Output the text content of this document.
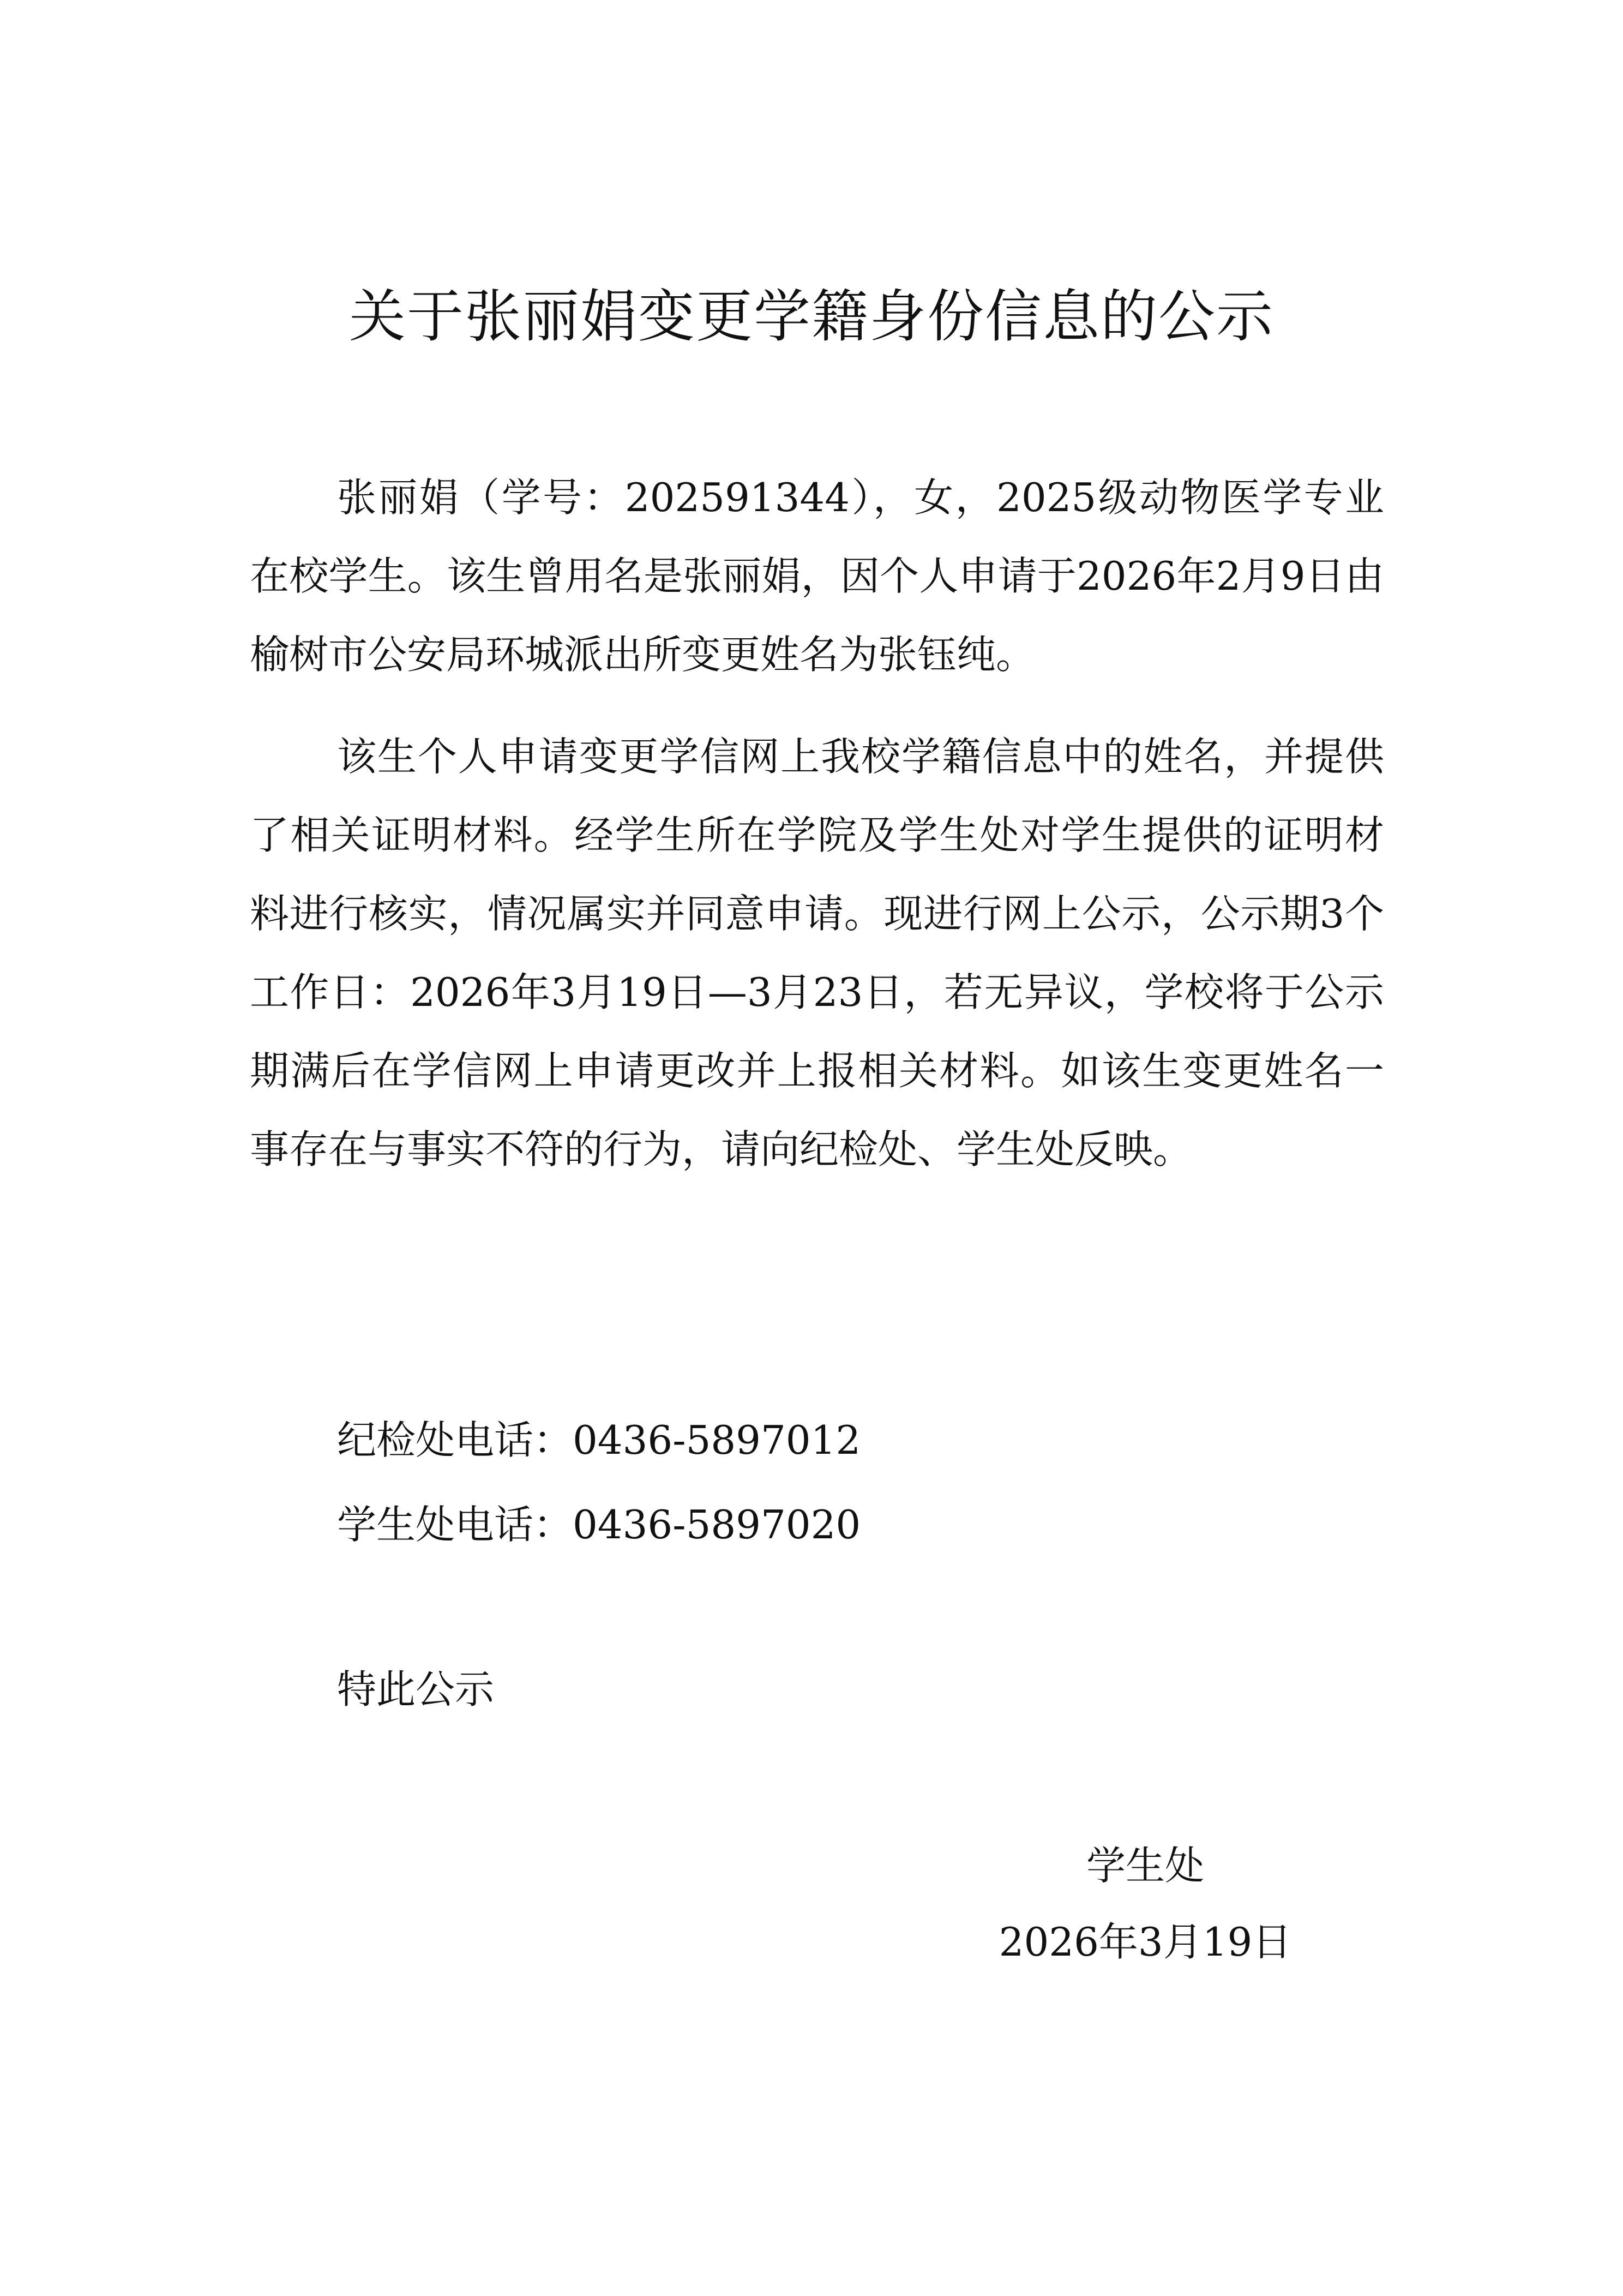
关于张丽娟变更学籍身份信息的公示

张丽娟（学号：202591344），女，2025级动物医学专业在校学生。该生曾用名是张丽娟，因个人申请于2026年2月9日由榆树市公安局环城派出所变更姓名为张钰纯。

该生个人申请变更学信网上我校学籍信息中的姓名，并提供了相关证明材料。经学生所在学院及学生处对学生提供的证明材料进行核实，情况属实并同意申请。现进行网上公示，公示期3个工作日：2026年3月19日—3月23日，若无异议，学校将于公示期满后在学信网上申请更改并上报相关材料。如该生变更姓名一事存在与事实不符的行为，请向纪检处、学生处反映。

纪检处电话：0436-5897012
学生处电话：0436-5897020
特此公示
学生处
2026年3月19日
